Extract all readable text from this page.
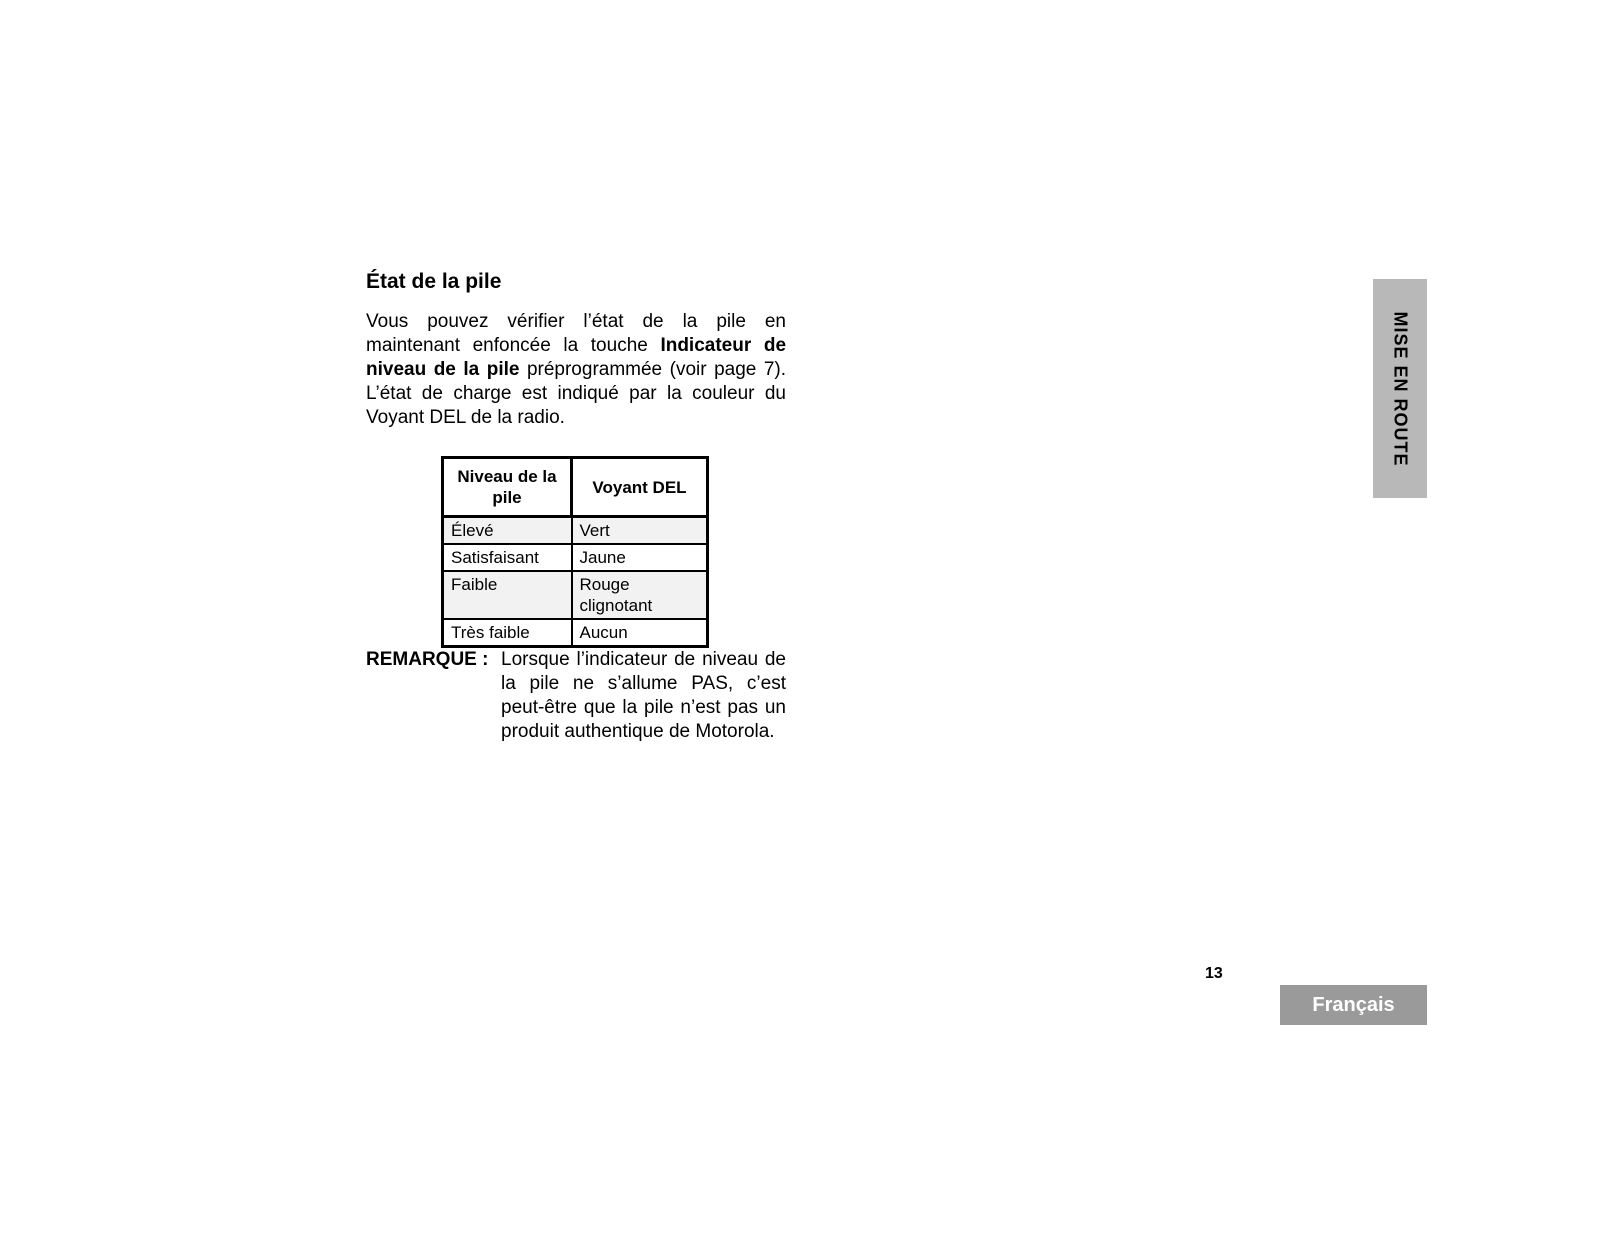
État de la pile

Vous pouvez vérifier l’état de la pile en maintenant enfoncée la touche Indicateur de niveau de la pile préprogrammée (voir page 7). L’état de charge est indiqué par la couleur du Voyant DEL de la radio.

Niveau de la pile	Voyant DEL
Élevé	Vert
Satisfaisant	Jaune
Faible	Rouge clignotant
Très faible	Aucun
REMARQUE : Lorsque l’indicateur de niveau de la pile ne s’allume PAS, c’est peut-être que la pile n’est pas un produit authentique de Motorola.
MISE EN ROUTE
13
Français
